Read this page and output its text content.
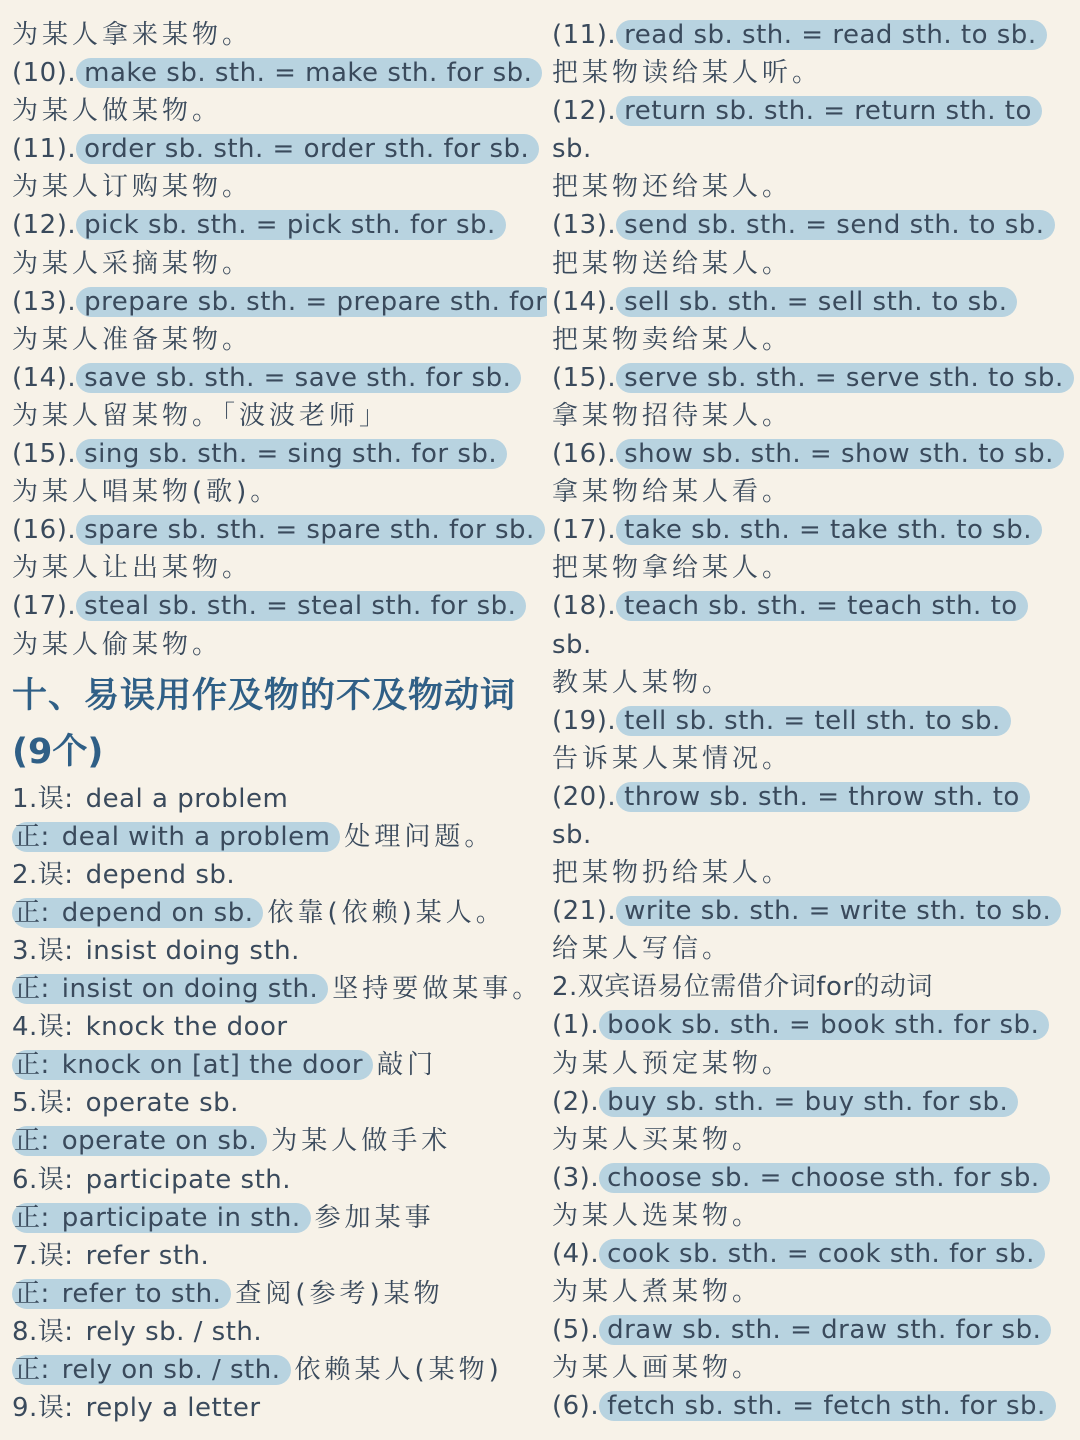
为某人拿来某物。
(10). make sb. sth. = make sth. for sb.
为某人做某物。
(11). order sb. sth. = order sth. for sb.
为某人订购某物。
(12). pick sb. sth. = pick sth. for sb.
为某人采摘某物。
(13). prepare sb. sth. = prepare sth. for
为某人准备某物。
(14). save sb. sth. = save sth. for sb.
为某人留某物。「波波老师」
(15). sing sb. sth. = sing sth. for sb.
为某人唱某物(歌)。
(16). spare sb. sth. = spare sth. for sb.
为某人让出某物。
(17). steal sb. sth. = steal sth. for sb.
为某人偷某物。
十、易误用作及物的不及物动词
(9个)
1.误: deal a problem
正: deal with a problem 处理问题。
2.误: depend sb.
正: depend on sb. 依靠(依赖)某人。
3.误: insist doing sth.
正: insist on doing sth. 坚持要做某事。
4.误: knock the door
正: knock on [at] the door 敲门
5.误: operate sb.
正: operate on sb. 为某人做手术
6.误: participate sth.
正: participate in sth. 参加某事
7.误: refer sth.
正: refer to sth. 查阅(参考)某物
8.误: rely sb. / sth.
正: rely on sb. / sth. 依赖某人(某物)
9.误: reply a letter
(11). read sb. sth. = read sth. to sb.
把某物读给某人听。
(12). return sb. sth. = return sth. to
sb.
把某物还给某人。
(13). send sb. sth. = send sth. to sb.
把某物送给某人。
(14). sell sb. sth. = sell sth. to sb.
把某物卖给某人。
(15). serve sb. sth. = serve sth. to sb.
拿某物招待某人。
(16). show sb. sth. = show sth. to sb.
拿某物给某人看。
(17). take sb. sth. = take sth. to sb.
把某物拿给某人。
(18). teach sb. sth. = teach sth. to
sb.
教某人某物。
(19). tell sb. sth. = tell sth. to sb.
告诉某人某情况。
(20). throw sb. sth. = throw sth. to
sb.
把某物扔给某人。
(21). write sb. sth. = write sth. to sb.
给某人写信。
2.双宾语易位需借介词for的动词
(1). book sb. sth. = book sth. for sb.
为某人预定某物。
(2). buy sb. sth. = buy sth. for sb.
为某人买某物。
(3). choose sb. = choose sth. for sb.
为某人选某物。
(4). cook sb. sth. = cook sth. for sb.
为某人煮某物。
(5). draw sb. sth. = draw sth. for sb.
为某人画某物。
(6). fetch sb. sth. = fetch sth. for sb.
